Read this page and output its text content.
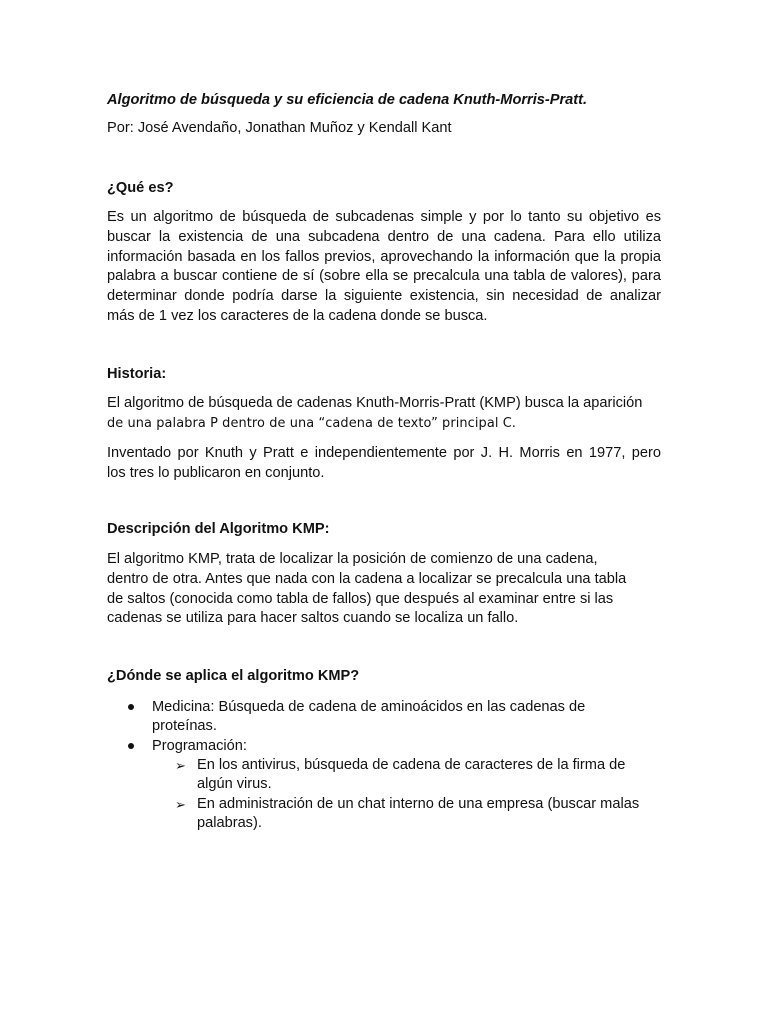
Algoritmo de búsqueda y su eficiencia de cadena Knuth-Morris-Pratt.
Por: José Avendaño, Jonathan Muñoz y Kendall Kant
¿Qué es?
Es un algoritmo de búsqueda de subcadenas simple y por lo tanto su objetivo es
buscar la existencia de una subcadena dentro de una cadena. Para ello utiliza
información basada en los fallos previos, aprovechando la información que la propia
palabra a buscar contiene de sí (sobre ella se precalcula una tabla de valores), para
determinar donde podría darse la siguiente existencia, sin necesidad de analizar
más de 1 vez los caracteres de la cadena donde se busca.
Historia:
El algoritmo de búsqueda de cadenas Knuth-Morris-Pratt (KMP) busca la aparición
de una palabra P dentro de una “cadena de texto” principal C.
Inventado por Knuth y Pratt e independientemente por J. H. Morris en 1977, pero
los tres lo publicaron en conjunto.
Descripción del Algoritmo KMP:
El algoritmo KMP, trata de localizar la posición de comienzo de una cadena,
dentro de otra. Antes que nada con la cadena a localizar se precalcula una tabla
de saltos (conocida como tabla de fallos) que después al examinar entre si las
cadenas se utiliza para hacer saltos cuando se localiza un fallo.
¿Dónde se aplica el algoritmo KMP?
Medicina: Búsqueda de cadena de aminoácidos en las cadenas de
proteínas.
Programación:
➢ En los antivirus, búsqueda de cadena de caracteres de la firma de
algún virus.
➢ En administración de un chat interno de una empresa (buscar malas
palabras).
